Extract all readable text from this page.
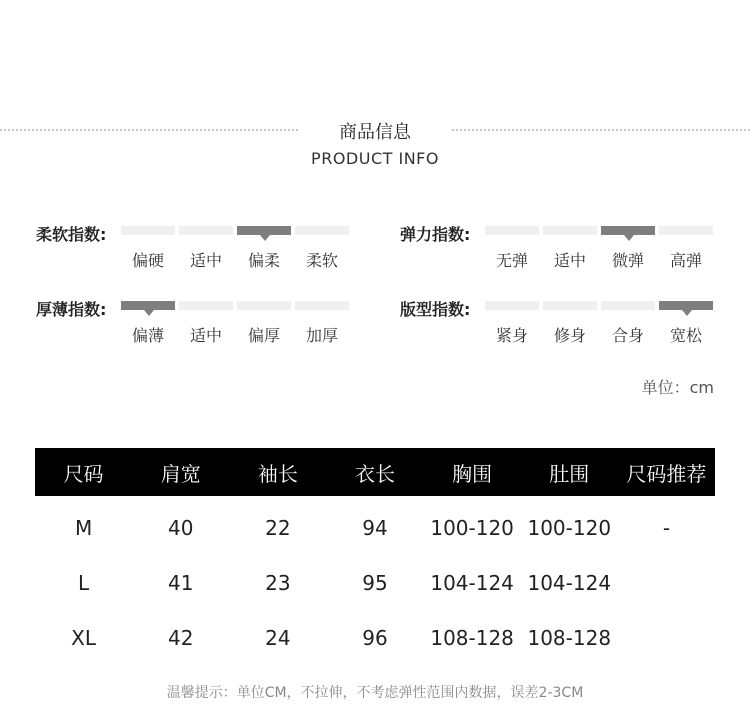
商品信息
PRODUCT INFO
柔软指数:
偏硬	适中	偏柔	柔软
弹力指数:
无弹	适中	微弹	高弹
厚薄指数:
偏薄	适中	偏厚	加厚
版型指数:
紧身	修身	合身	宽松
单位：cm
尺码	肩宽	袖长	衣长	胸围	肚围	尺码推荐
M	40	22	94	100-120	100-120	-
L	41	23	95	104-124	104-124	
XL	42	24	96	108-128	108-128	
温馨提示：单位CM，不拉伸，不考虑弹性范围内数据，误差2-3CM
